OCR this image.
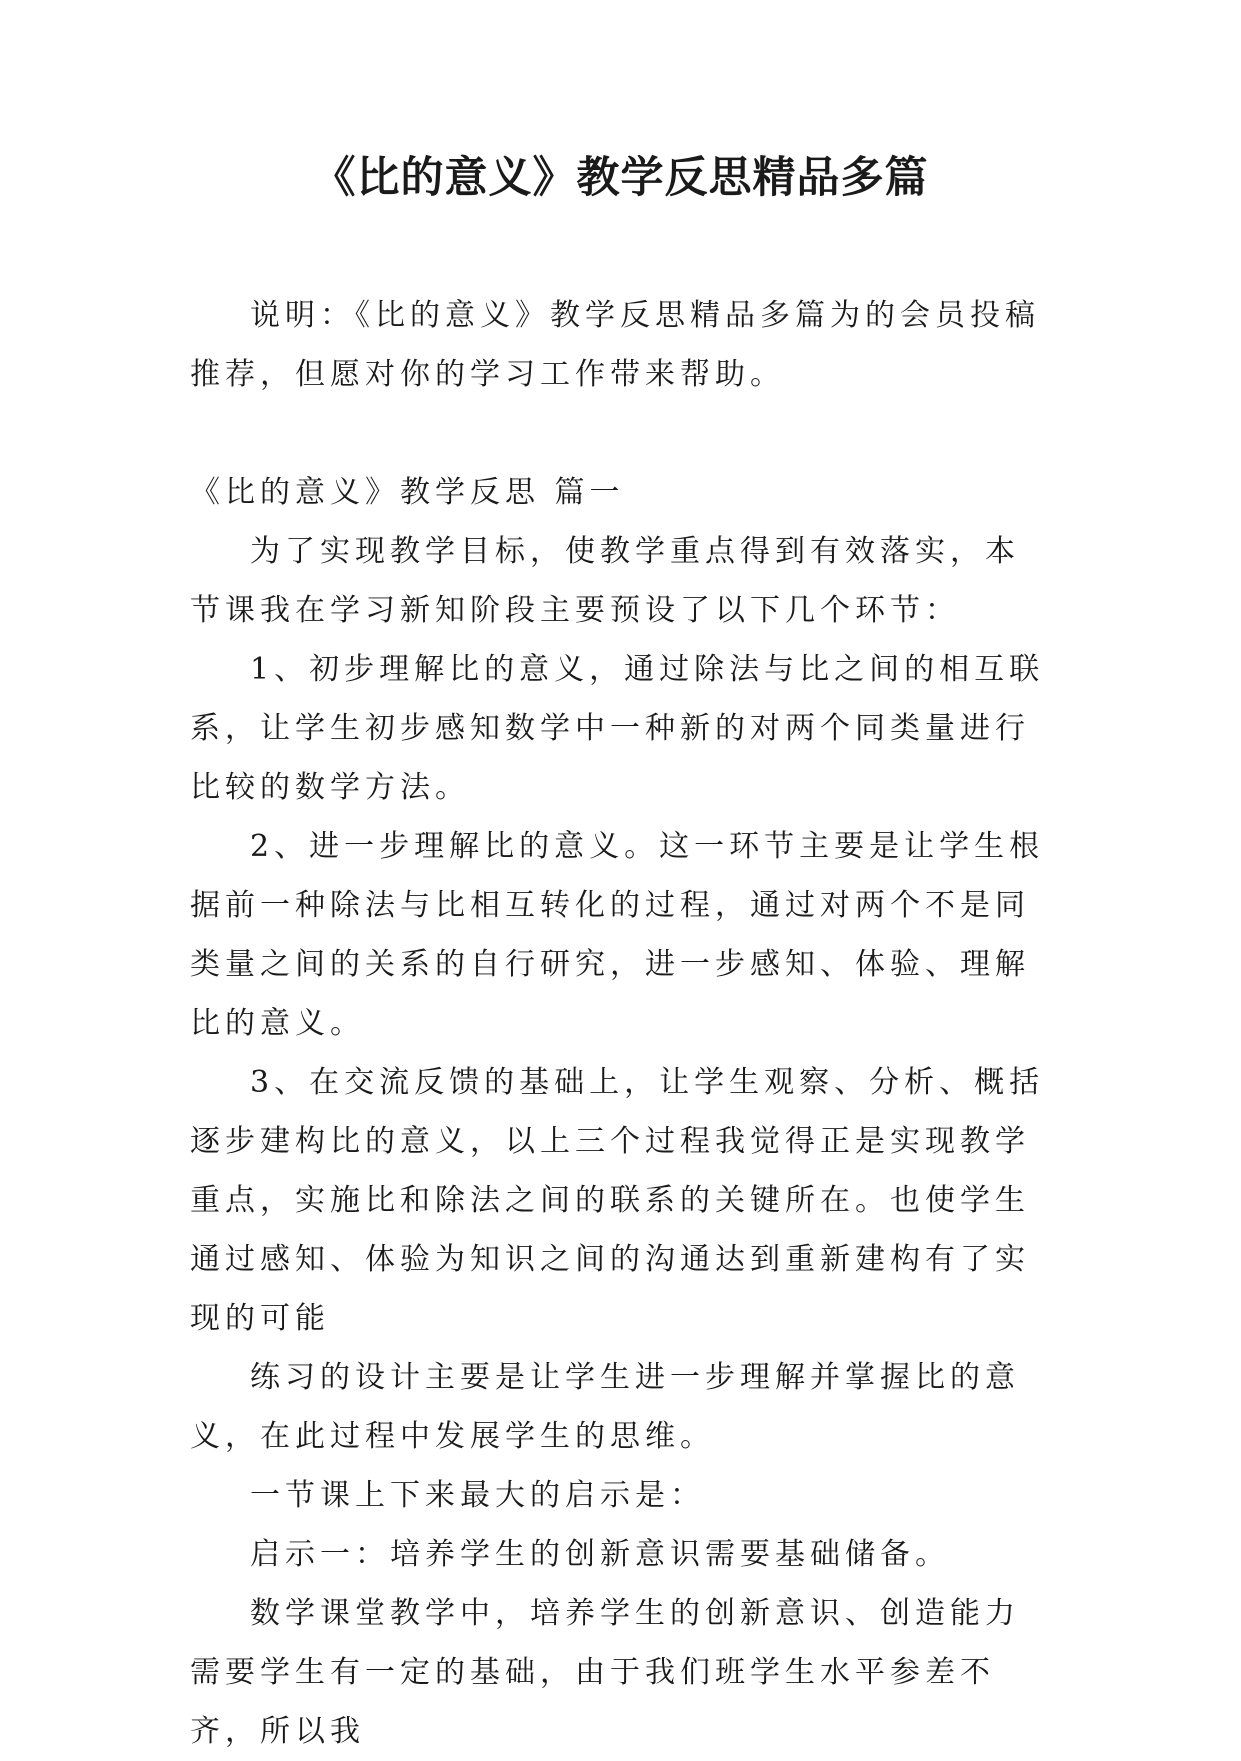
《比的意义》教学反思精品多篇

说明：《比的意义》教学反思精品多篇为的会员投稿推荐，但愿对你的学习工作带来帮助。

《比的意义》教学反思 篇一

为了实现教学目标，使教学重点得到有效落实，本节课我在学习新知阶段主要预设了以下几个环节：

1、初步理解比的意义，通过除法与比之间的相互联系，让学生初步感知数学中一种新的对两个同类量进行比较的数学方法。

2、进一步理解比的意义。这一环节主要是让学生根据前一种除法与比相互转化的过程，通过对两个不是同类量之间的关系的自行研究，进一步感知、体验、理解比的意义。

3、在交流反馈的基础上，让学生观察、分析、概括逐步建构比的意义，以上三个过程我觉得正是实现教学重点，实施比和除法之间的联系的关键所在。也使学生通过感知、体验为知识之间的沟通达到重新建构有了实现的可能

练习的设计主要是让学生进一步理解并掌握比的意义，在此过程中发展学生的思维。

一节课上下来最大的启示是：

启示一：培养学生的创新意识需要基础储备。

数学课堂教学中，培养学生的创新意识、创造能力需要学生有一定的基础，由于我们班学生水平参差不齐，所以我
